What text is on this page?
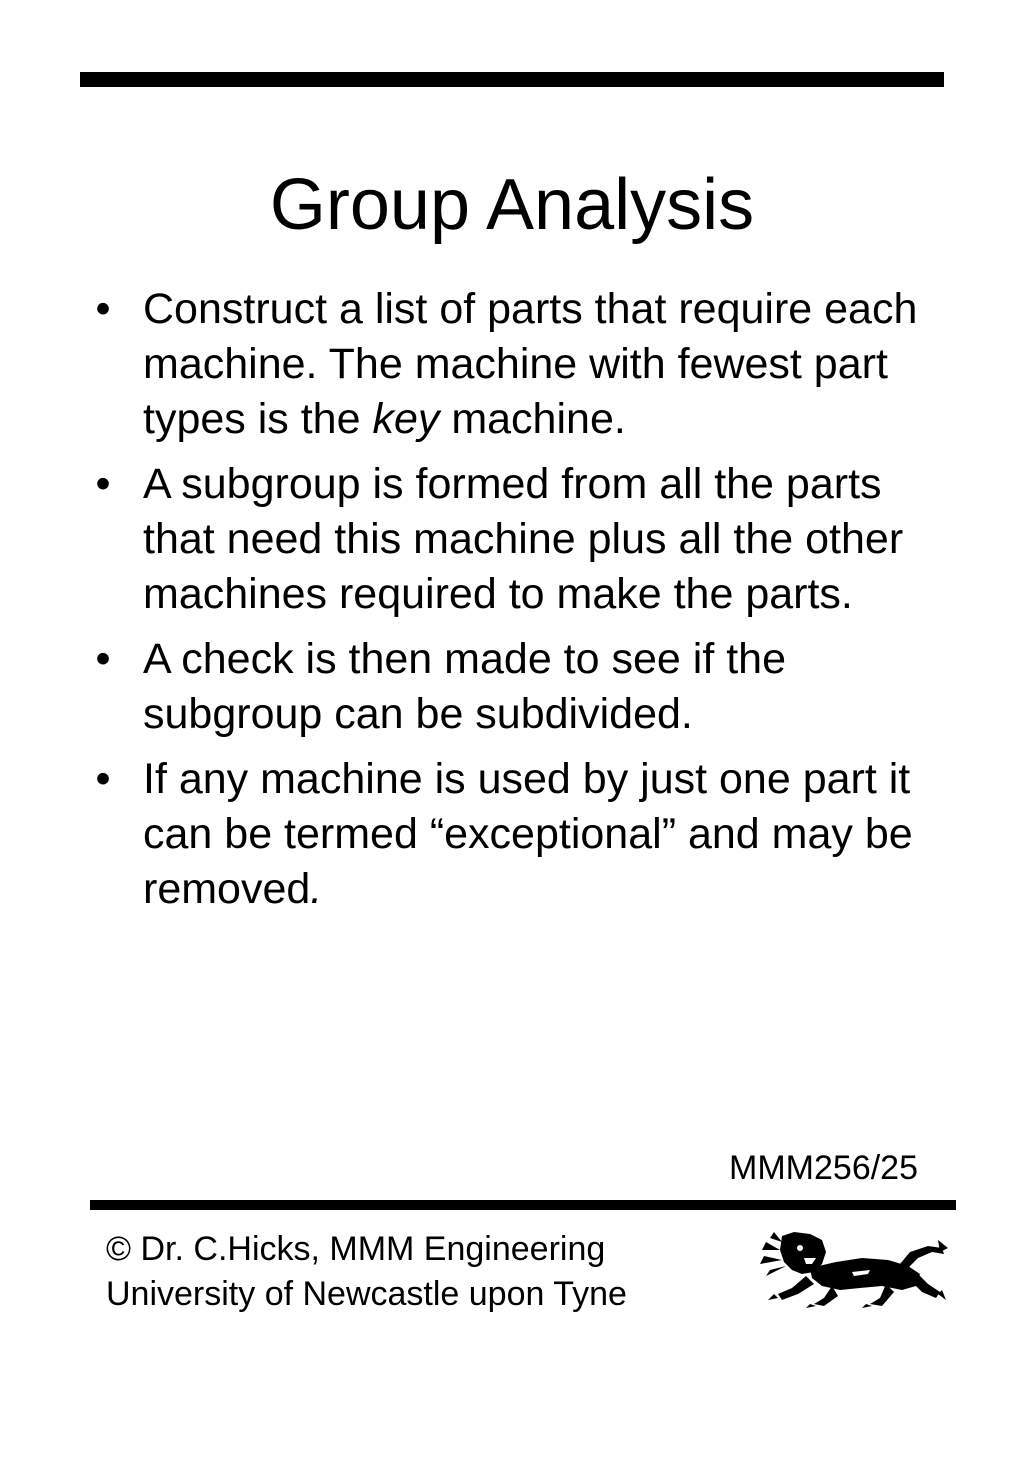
Group Analysis
• Construct a list of parts that require each machine. The machine with fewest part types is the key machine.
• A subgroup is formed from all the parts that need this machine plus all the other machines required to make the parts.
• A check is then made to see if the subgroup can be subdivided.
• If any machine is used by just one part it can be termed “exceptional” and may be removed.
MMM256/25
© Dr. C.Hicks, MMM Engineering
University of Newcastle upon Tyne
